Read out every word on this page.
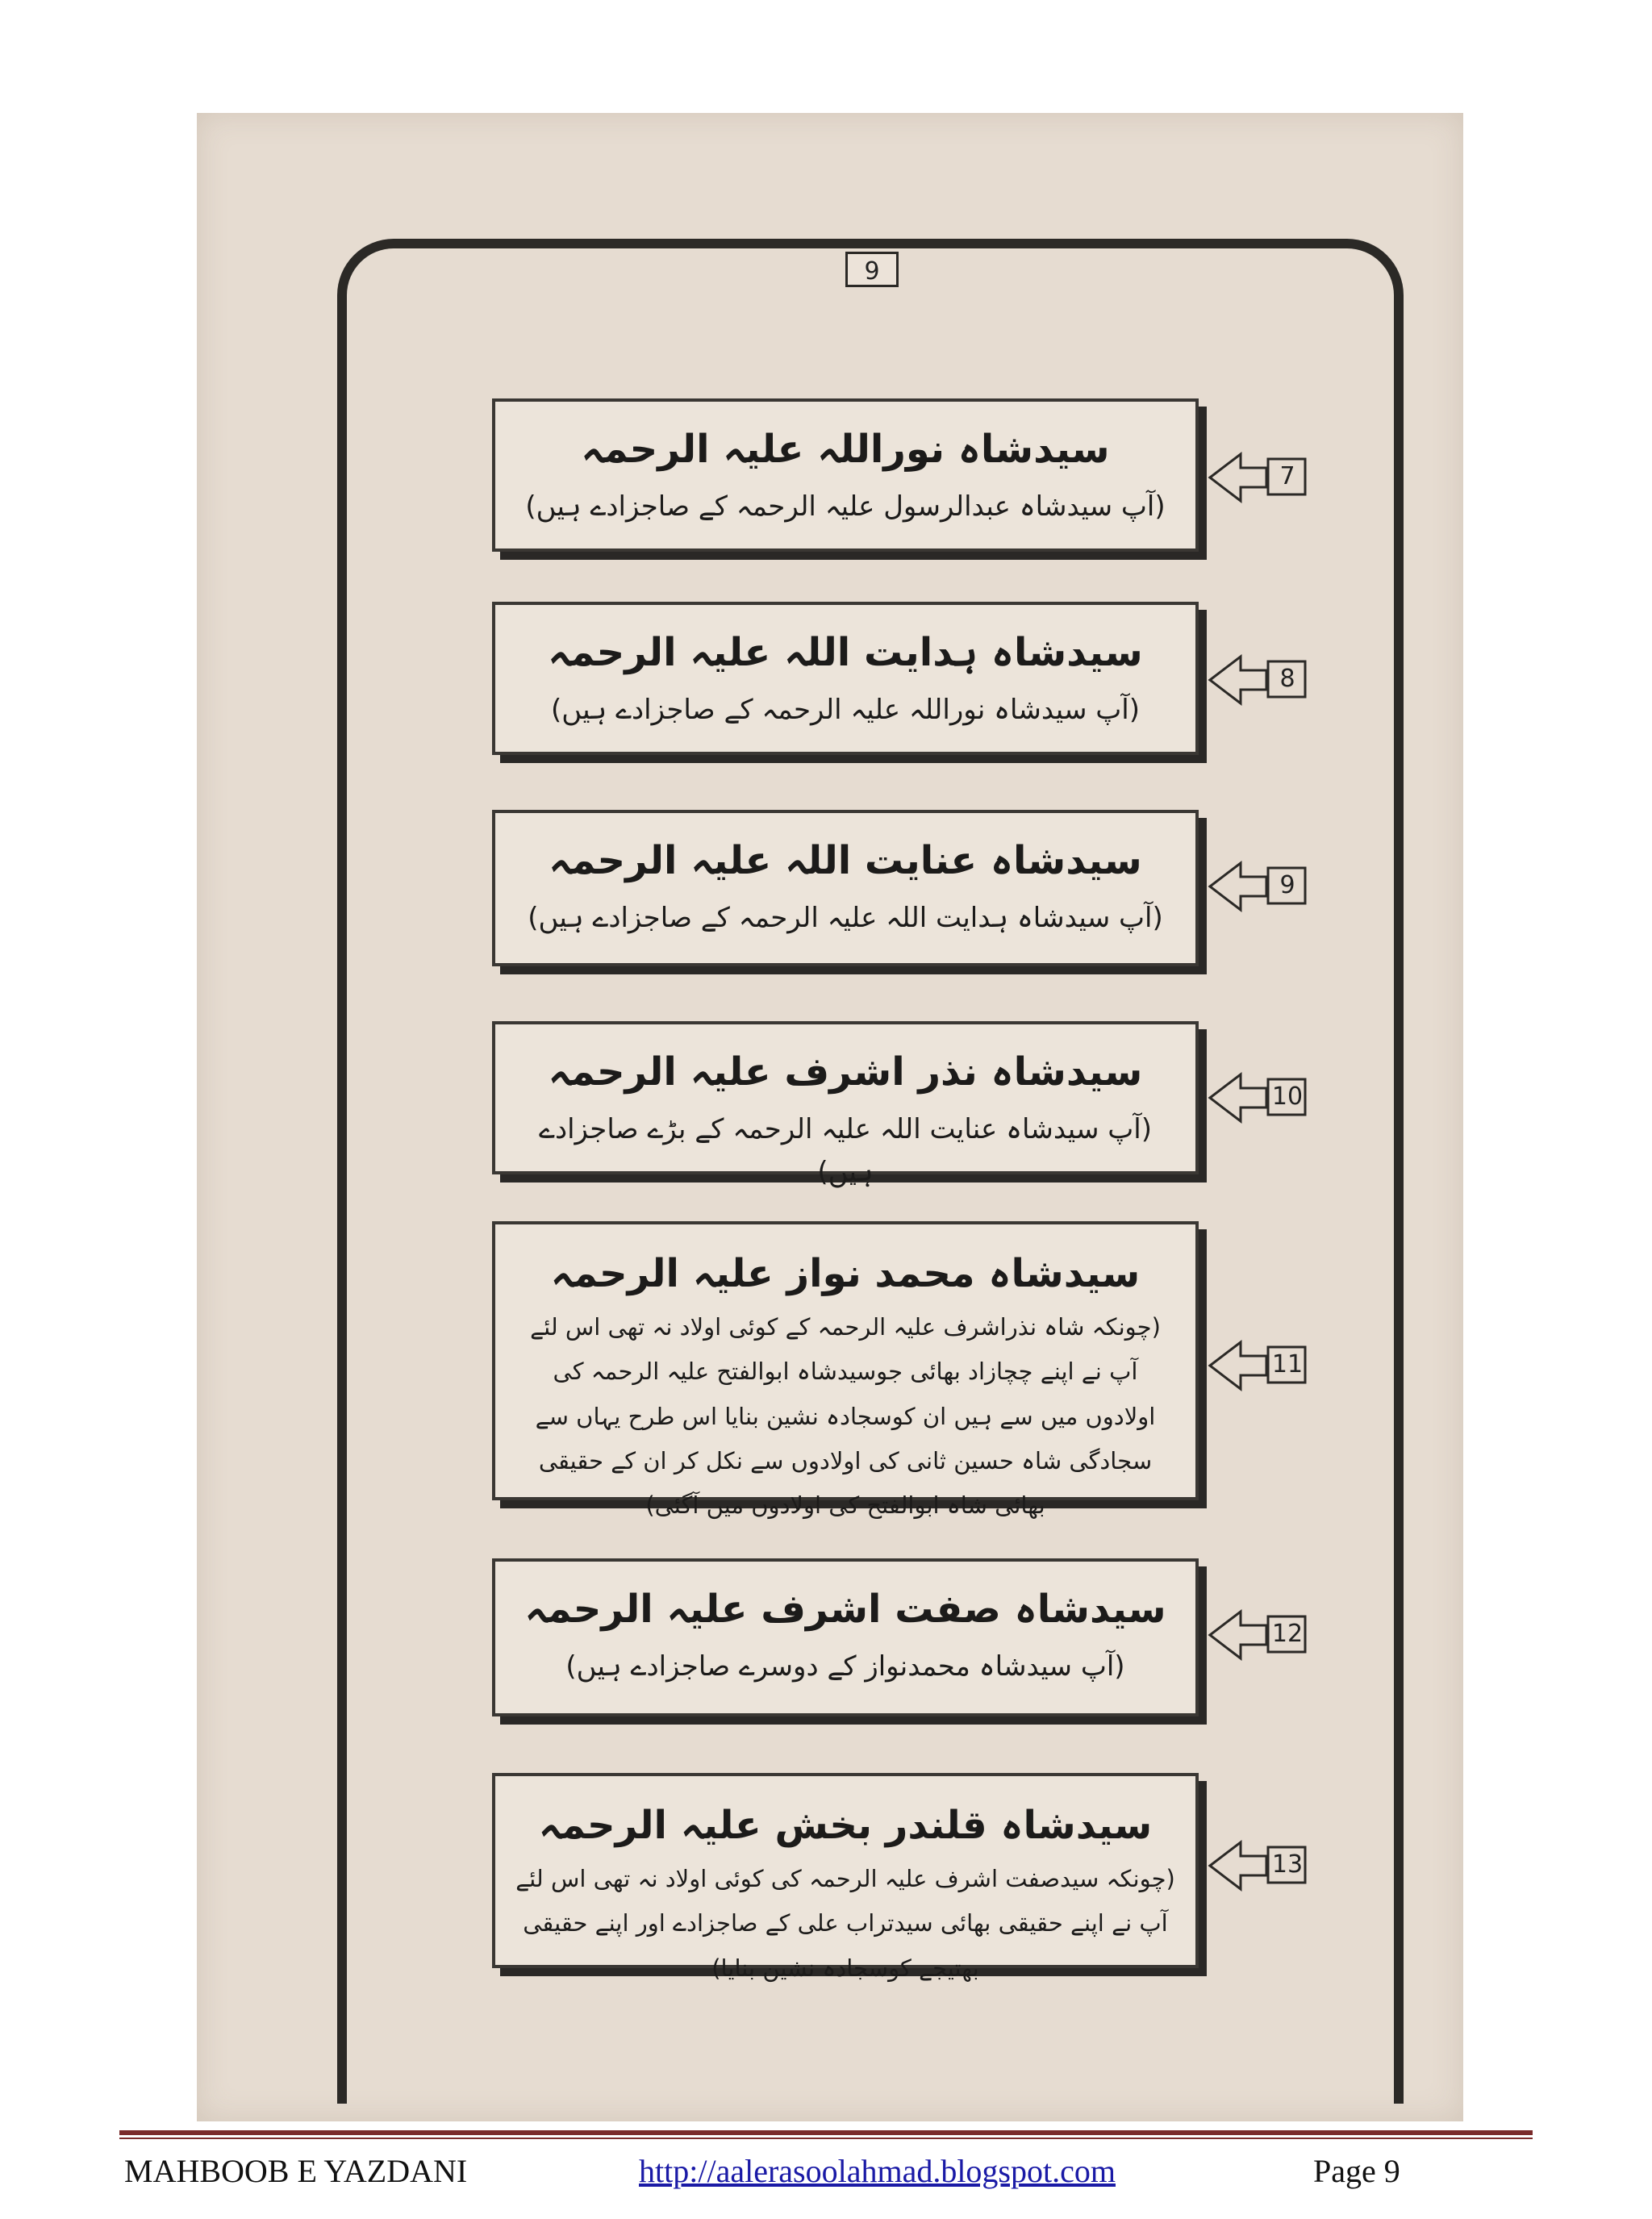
9
سیدشاہ نوراللہ علیہ الرحمہ
(آپ سیدشاہ عبدالرسول علیہ الرحمہ کے صاجزادے ہیں)
7
سیدشاہ ہدایت اللہ علیہ الرحمہ
(آپ سیدشاہ نوراللہ علیہ الرحمہ کے صاجزادے ہیں)
8
سیدشاہ عنایت اللہ علیہ الرحمہ
(آپ سیدشاہ ہدایت اللہ علیہ الرحمہ کے صاجزادے ہیں)
9
سیدشاہ نذر اشرف علیہ الرحمہ
(آپ سیدشاہ عنایت اللہ علیہ الرحمہ کے بڑے صاجزادے ہیں)
10
سیدشاہ محمد نواز علیہ الرحمہ
(چونکہ شاہ نذراشرف علیہ الرحمہ کے کوئی اولاد نہ تھی اس لئے آپ نے اپنے چچازاد بھائی جوسیدشاہ ابوالفتح علیہ الرحمہ کی اولادوں میں سے ہیں ان کوسجادہ نشین بنایا اس طرح یہاں سے سجادگی شاہ حسین ثانی کی اولادوں سے نکل کر ان کے حقیقی بھائی شاہ ابوالفتح کی اولادوں میں آگئی)
11
سیدشاہ صفت اشرف علیہ الرحمہ
(آپ سیدشاہ محمدنواز کے دوسرے صاجزادے ہیں)
12
سیدشاہ قلندر بخش علیہ الرحمہ
(چونکہ سیدصفت اشرف علیہ الرحمہ کی کوئی اولاد نہ تھی اس لئے آپ نے اپنے حقیقی بھائی سیدتراب علی کے صاجزادے اور اپنے حقیقی بھتیجے کوسجادہ نشین بنایا)
13
MAHBOOB E YAZDANI	http://aalerasoolahmad.blogspot.com	Page 9
